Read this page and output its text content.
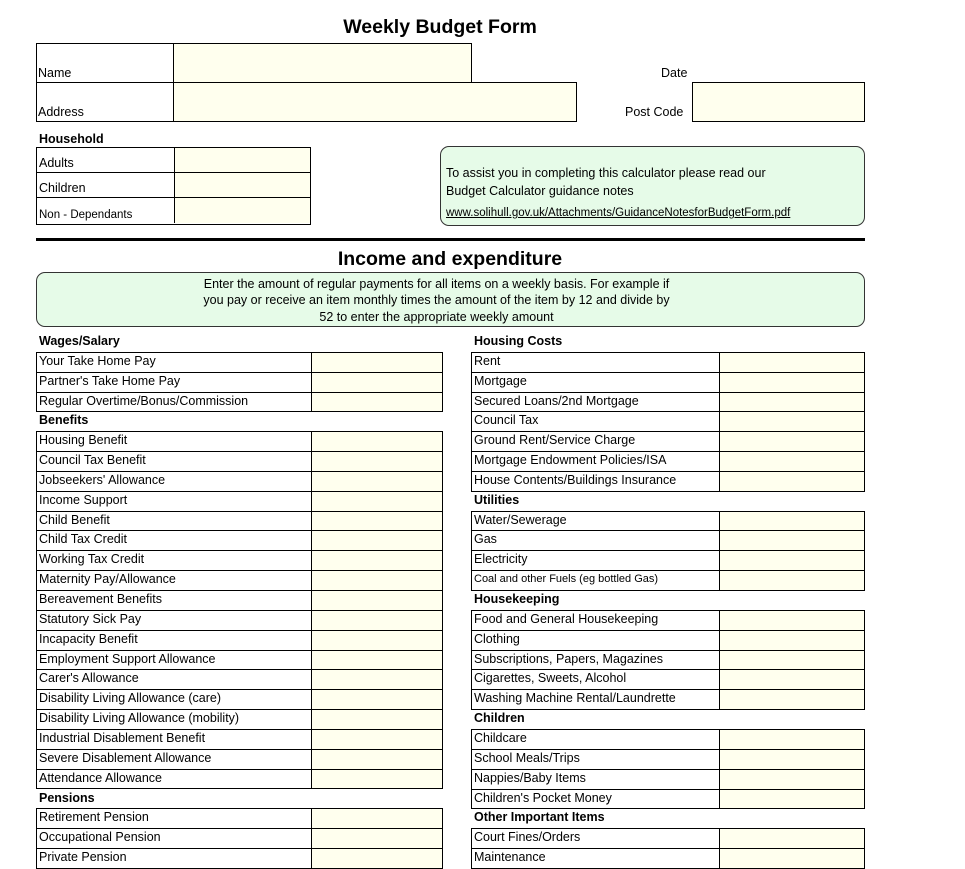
Weekly Budget Form
Name
Address
Date
Post Code
Household
Adults
Children
Non - Dependants
To assist you in completing this calculator please read our
Budget Calculator guidance notes
www.solihull.gov.uk/Attachments/GuidanceNotesforBudgetForm.pdf
Income and expenditure
Enter the amount of regular payments for all items on a weekly basis. For example if
you pay or receive an item monthly times the amount of the item by 12 and divide by
52 to enter the appropriate weekly amount
Wages/Salary
Your Take Home Pay
Partner's Take Home Pay
Regular Overtime/Bonus/Commission
Benefits
Housing Benefit
Council Tax Benefit
Jobseekers' Allowance
Income Support
Child Benefit
Child Tax Credit
Working Tax Credit
Maternity Pay/Allowance
Bereavement Benefits
Statutory Sick Pay
Incapacity Benefit
Employment Support Allowance
Carer's Allowance
Disability Living Allowance (care)
Disability Living Allowance (mobility)
Industrial Disablement Benefit
Severe Disablement Allowance
Attendance Allowance
Pensions
Retirement Pension
Occupational Pension
Private Pension
Housing Costs
Rent
Mortgage
Secured Loans/2nd Mortgage
Council Tax
Ground Rent/Service Charge
Mortgage Endowment Policies/ISA
House Contents/Buildings Insurance
Utilities
Water/Sewerage
Gas
Electricity
Coal and other Fuels (eg bottled Gas)
Housekeeping
Food and General Housekeeping
Clothing
Subscriptions, Papers, Magazines
Cigarettes, Sweets, Alcohol
Washing Machine Rental/Laundrette
Children
Childcare
School Meals/Trips
Nappies/Baby Items
Children's Pocket Money
Other Important Items
Court Fines/Orders
Maintenance
